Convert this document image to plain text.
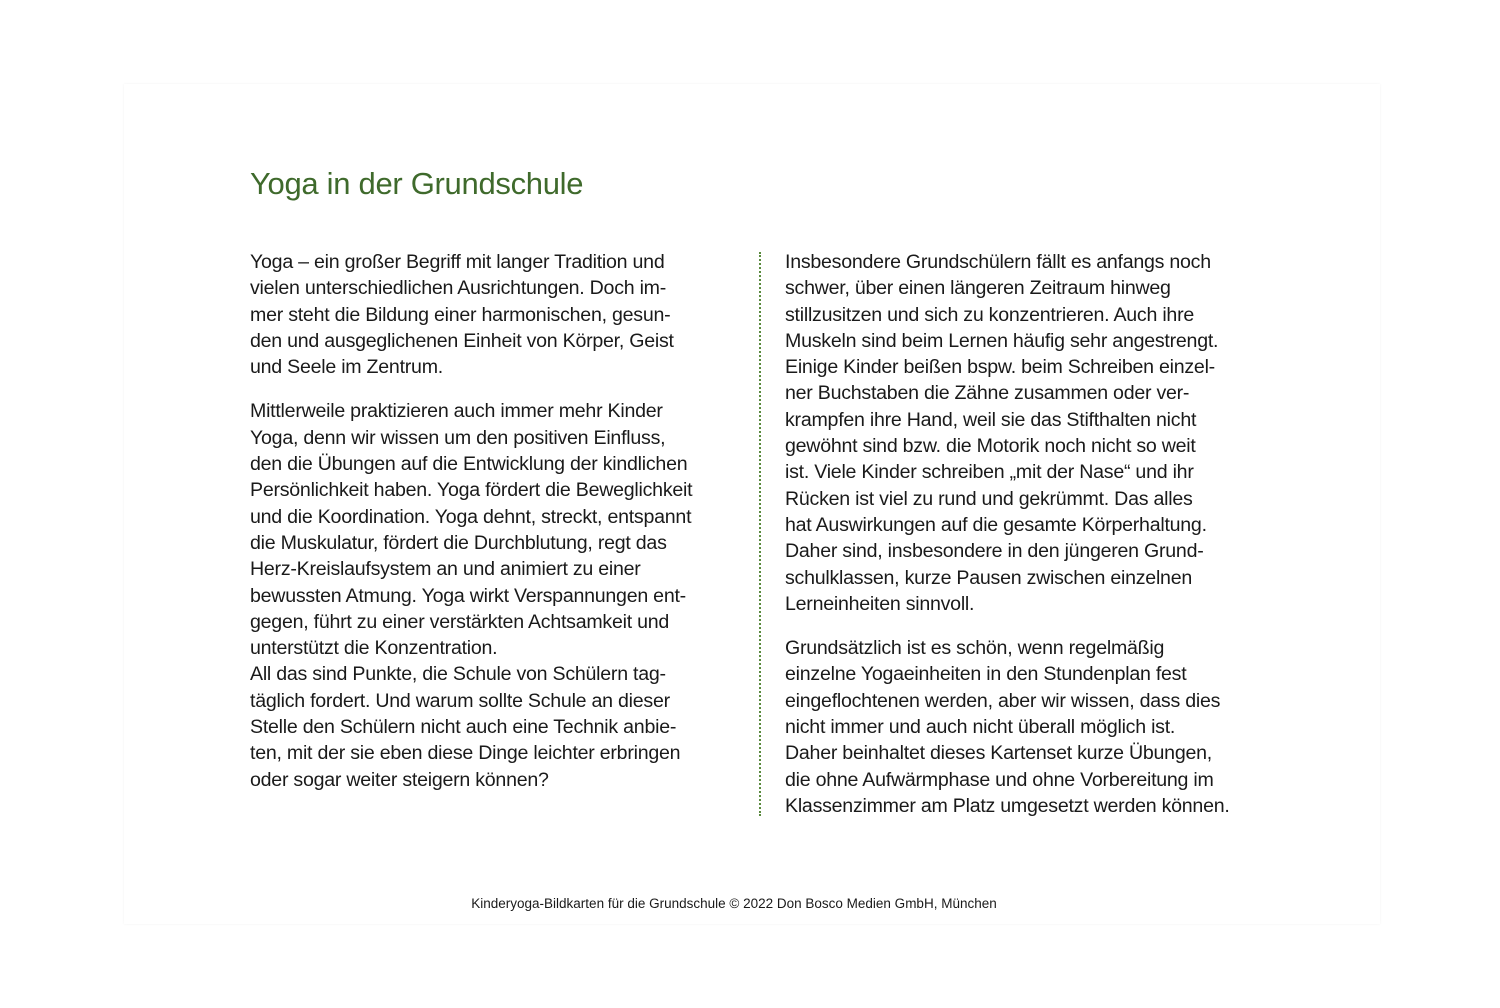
Yoga in der Grundschule

Yoga – ein großer Begriff mit langer Tradition und
vielen unterschiedlichen Ausrichtungen. Doch im-
mer steht die Bildung einer harmonischen, gesun-
den und ausgeglichenen Einheit von Körper, Geist
und Seele im Zentrum.

Mittlerweile praktizieren auch immer mehr Kinder
Yoga, denn wir wissen um den positiven Einfluss,
den die Übungen auf die Entwicklung der kindlichen
Persönlichkeit haben. Yoga fördert die Beweglichkeit
und die Koordination. Yoga dehnt, streckt, entspannt
die Muskulatur, fördert die Durchblutung, regt das
Herz-Kreislaufsystem an und animiert zu einer
bewussten Atmung. Yoga wirkt Verspannungen ent-
gegen, führt zu einer verstärkten Achtsamkeit und
unterstützt die Konzentration.
All das sind Punkte, die Schule von Schülern tag-
täglich fordert. Und warum sollte Schule an dieser
Stelle den Schülern nicht auch eine Technik anbie-
ten, mit der sie eben diese Dinge leichter erbringen
oder sogar weiter steigern können?

Insbesondere Grundschülern fällt es anfangs noch
schwer, über einen längeren Zeitraum hinweg
stillzusitzen und sich zu konzentrieren. Auch ihre
Muskeln sind beim Lernen häufig sehr angestrengt.
Einige Kinder beißen bspw. beim Schreiben einzel-
ner Buchstaben die Zähne zusammen oder ver-
krampfen ihre Hand, weil sie das Stifthalten nicht
gewöhnt sind bzw. die Motorik noch nicht so weit
ist. Viele Kinder schreiben „mit der Nase“ und ihr
Rücken ist viel zu rund und gekrümmt. Das alles
hat Auswirkungen auf die gesamte Körperhaltung.
Daher sind, insbesondere in den jüngeren Grund-
schulklassen, kurze Pausen zwischen einzelnen
Lerneinheiten sinnvoll.

Grundsätzlich ist es schön, wenn regelmäßig
einzelne Yogaeinheiten in den Stundenplan fest
eingeflochtenen werden, aber wir wissen, dass dies
nicht immer und auch nicht überall möglich ist.
Daher beinhaltet dieses Kartenset kurze Übungen,
die ohne Aufwärmphase und ohne Vorbereitung im
Klassenzimmer am Platz umgesetzt werden können.

Kinderyoga-Bildkarten für die Grundschule © 2022 Don Bosco Medien GmbH, München
